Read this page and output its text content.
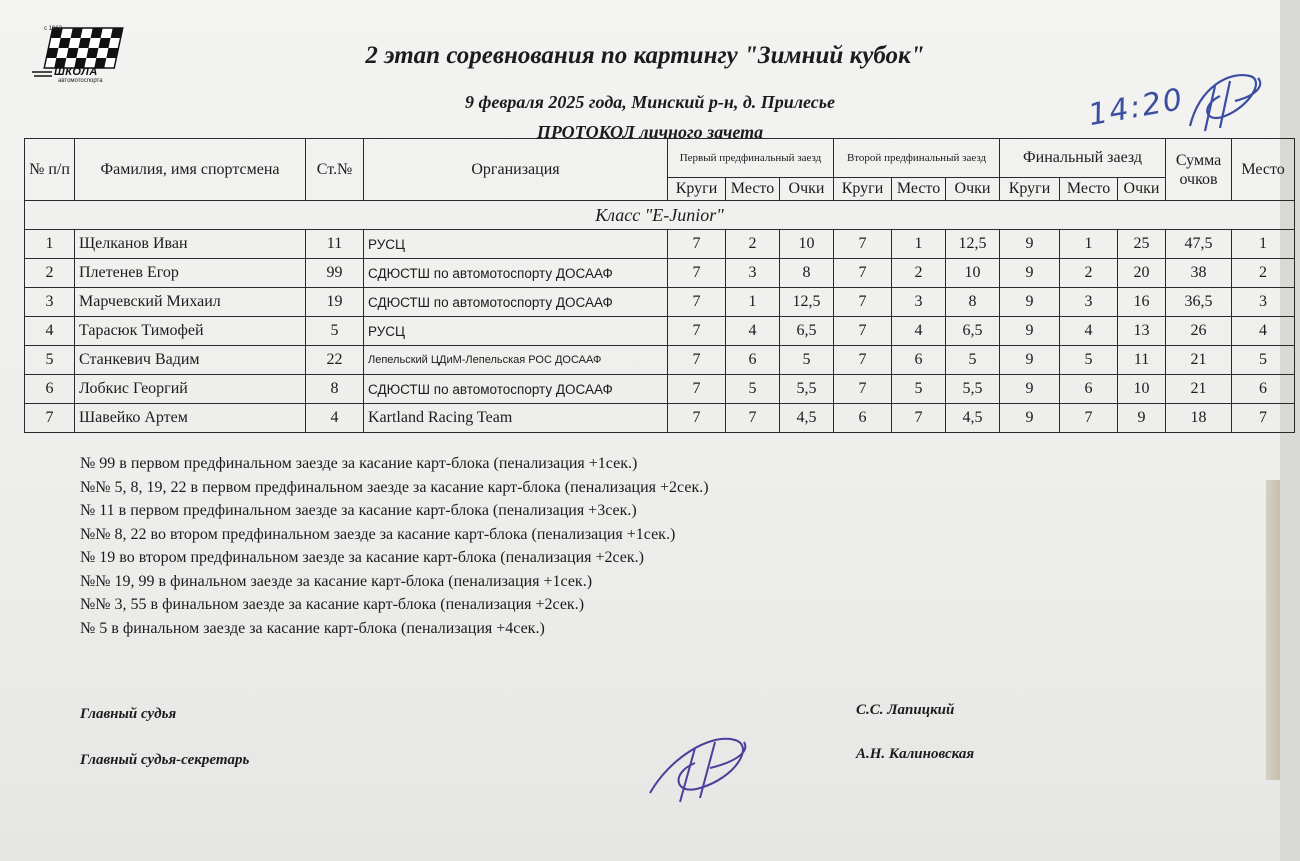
с 1962
ШКОЛА
автомотоспорта
2 этап соревнования по картингу "Зимний кубок"
9 февраля 2025 года, Минский р-н, д. Прилесье
ПРОТОКОЛ личного зачета	14:20
№ п/п	Фамилия, имя спортсмена	Ст.№	Организация	Первый предфинальный заезд			Второй предфинальный заезд			Финальный заезд			Сумма очков	Место
				Круги	Место	Очки	Круги	Место	Очки	Круги	Место	Очки		
Класс "E-Junior"														
1	Щелканов Иван	11	РУСЦ	7	2	10	7	1	12,5	9	1	25	47,5	1
2	Плетенев Егор	99	СДЮСТШ по автомотоспорту ДОСААФ	7	3	8	7	2	10	9	2	20	38	2
3	Марчевский Михаил	19	СДЮСТШ по автомотоспорту ДОСААФ	7	1	12,5	7	3	8	9	3	16	36,5	3
4	Тарасюк Тимофей	5	РУСЦ	7	4	6,5	7	4	6,5	9	4	13	26	4
5	Станкевич Вадим	22	Лепельский ЦДиМ-Лепельская РОС ДОСААФ	7	6	5	7	6	5	9	5	11	21	5
6	Лобкис Георгий	8	СДЮСТШ по автомотоспорту ДОСААФ	7	5	5,5	7	5	5,5	9	6	10	21	6
7	Шавейко Артем	4	Kartland Racing Team	7	7	4,5	6	7	4,5	9	7	9	18	7
№ 99 в первом предфинальном заезде за касание карт-блока (пенализация +1сек.)
№№ 5, 8, 19, 22 в первом предфинальном заезде за касание карт-блока (пенализация +2сек.)
№ 11 в первом предфинальном заезде за касание карт-блока (пенализация +3сек.)
№№ 8, 22 во втором предфинальном заезде за касание карт-блока (пенализация +1сек.)
№ 19 во втором предфинальном заезде за касание карт-блока (пенализация +2сек.)
№№ 19, 99 в финальном заезде за касание карт-блока (пенализация +1сек.)
№№ 3, 55 в финальном заезде за касание карт-блока (пенализация +2сек.)
№ 5 в финальном заезде за касание карт-блока (пенализация +4сек.)
Главный судья	С.С. Лапицкий
Главный судья-секретарь	А.Н. Калиновская
